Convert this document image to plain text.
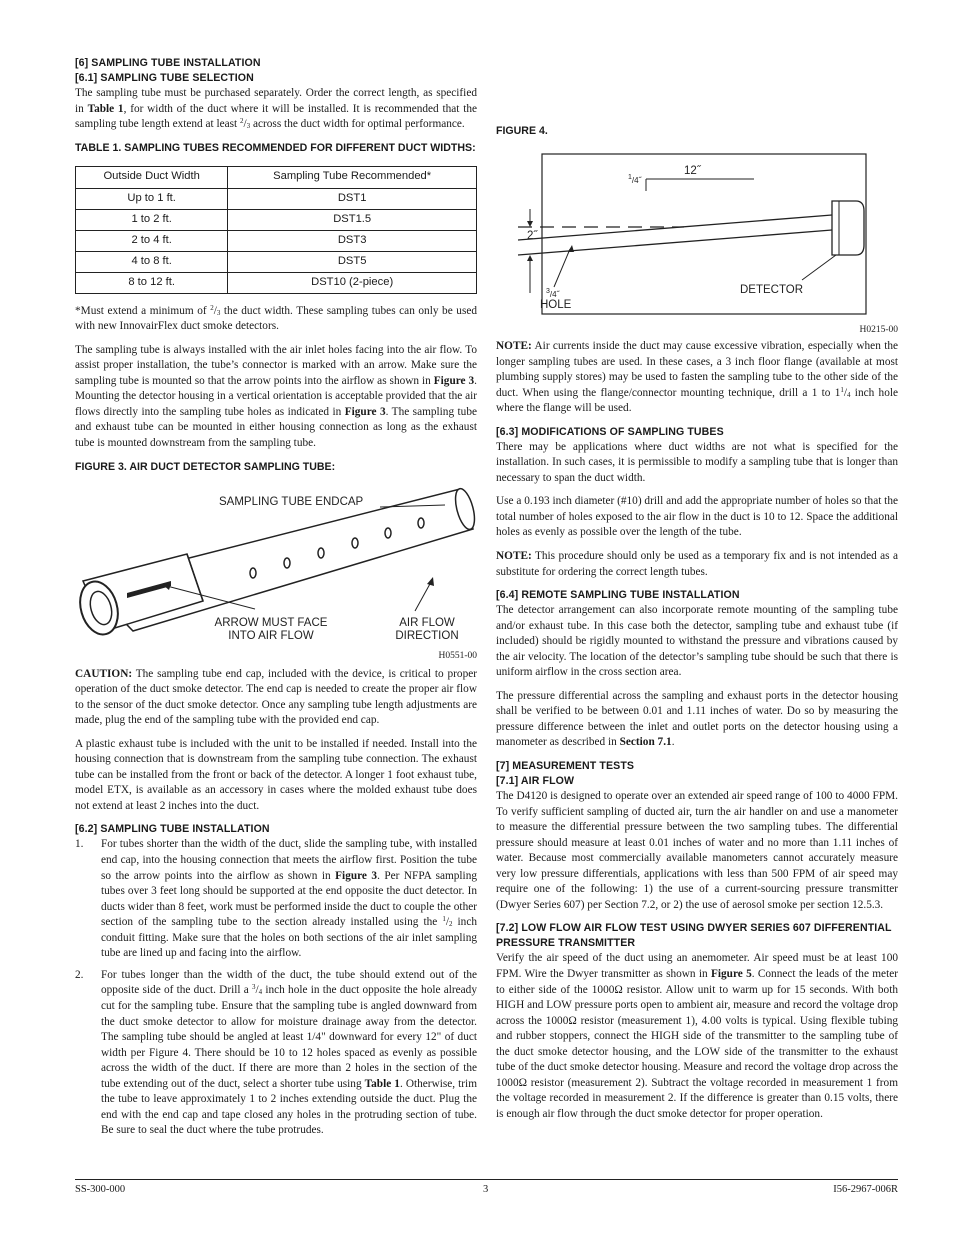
[6] SAMPLING TUBE INSTALLATION
[6.1] SAMPLING TUBE SELECTION

The sampling tube must be purchased separately. Order the correct length, as specified in Table 1, for width of the duct where it will be installed. It is recommended that the sampling tube length extend at least $^2/_3$ across the duct width for optimal performance.

TABLE 1. SAMPLING TUBES RECOMMENDED FOR DIFFERENT DUCT WIDTHS:
Outside Duct Width	Sampling Tube Recommended*
Up to 1 ft.	DST1
1 to 2 ft.	DST1.5
2 to 4 ft.	DST3
4 to 8 ft.	DST5
8 to 12 ft.	DST10 (2-piece)

*Must extend a minimum of $^2/_3$ the duct width. These sampling tubes can only be used with new InnovairFlex duct smoke detectors.

The sampling tube is always installed with the air inlet holes facing into the air flow. To assist proper installation, the tube’s connector is marked with an arrow. Make sure the sampling tube is mounted so that the arrow points into the airflow as shown in Figure 3. Mounting the detector housing in a vertical orientation is acceptable provided that the air flows directly into the sampling tube holes as indicated in Figure 3. The sampling tube and exhaust tube can be mounted in either housing connection as long as the exhaust tube is mounted downstream from the sampling tube.

FIGURE 3. AIR DUCT DETECTOR SAMPLING TUBE:
SAMPLING TUBE ENDCAP
ARROW MUST FACE INTO AIR FLOW
AIR FLOW DIRECTION
H0551-00

CAUTION: The sampling tube end cap, included with the device, is critical to proper operation of the duct smoke detector. The end cap is needed to create the proper air flow to the sensor of the duct smoke detector. Once any sampling tube length adjustments are made, plug the end of the sampling tube with the provided end cap.

A plastic exhaust tube is included with the unit to be installed if needed. Install into the housing connection that is downstream from the sampling tube connection. The exhaust tube can be installed from the front or back of the detector. A longer 1 foot exhaust tube, model ETX, is available as an accessory in cases where the molded exhaust tube does not extend at least 2 inches into the duct.

[6.2] SAMPLING TUBE INSTALLATION
1. For tubes shorter than the width of the duct, slide the sampling tube, with installed end cap, into the housing connection that meets the airflow first. Position the tube so the arrow points into the airflow as shown in Figure 3. Per NFPA sampling tubes over 3 feet long should be supported at the end opposite the duct detector. In ducts wider than 8 feet, work must be performed inside the duct to couple the other section of the sampling tube to the section already installed using the $^1/_2$ inch conduit fitting. Make sure that the holes on both sections of the air inlet sampling tube are lined up and facing into the airflow.
2. For tubes longer than the width of the duct, the tube should extend out of the opposite side of the duct. Drill a $^3/_4$ inch hole in the duct opposite the hole already cut for the sampling tube. Ensure that the sampling tube is angled downward from the duct smoke detector to allow for moisture drainage away from the detector. The sampling tube should be angled at least 1/4" downward for every 12" of duct width per Figure 4. There should be 10 to 12 holes spaced as evenly as possible across the width of the duct. If there are more than 2 holes in the section of the tube extending out of the duct, select a shorter tube using Table 1. Otherwise, trim the tube to leave approximately 1 to 2 inches extending outside the duct. Plug the end with the end cap and tape closed any holes in the protruding section of tube. Be sure to seal the duct where the tube protrudes.
FIGURE 4.
12˝
$^1$/4˝
2˝
$^3$/4˝
HOLE
DETECTOR
H0215-00

NOTE: Air currents inside the duct may cause excessive vibration, especially when the longer sampling tubes are used. In these cases, a 3 inch floor flange (available at most plumbing supply stores) may be used to fasten the sampling tube to the other side of the duct. When using the flange/connector mounting technique, drill a 1 to $1^1/_4$ inch hole where the flange will be used.

[6.3] MODIFICATIONS OF SAMPLING TUBES

There may be applications where duct widths are not what is specified for the installation. In such cases, it is permissible to modify a sampling tube that is longer than necessary to span the duct width.

Use a 0.193 inch diameter (#10) drill and add the appropriate number of holes so that the total number of holes exposed to the air flow in the duct is 10 to 12. Space the additional holes as evenly as possible over the length of the tube.

NOTE: This procedure should only be used as a temporary fix and is not intended as a substitute for ordering the correct length tubes.

[6.4] REMOTE SAMPLING TUBE INSTALLATION

The detector arrangement can also incorporate remote mounting of the sampling tube and/or exhaust tube. In this case both the detector, sampling tube and exhaust tube (if included) should be rigidly mounted to withstand the pressure and vibrations caused by the air velocity. The location of the detector’s sampling tube should be such that there is uniform airflow in the cross section area.

The pressure differential across the sampling and exhaust ports in the detector housing shall be verified to be between 0.01 and 1.11 inches of water. Do so by measuring the pressure difference between the inlet and outlet ports on the detector housing using a manometer as described in Section 7.1.

[7] MEASUREMENT TESTS
[7.1] AIR FLOW

The D4120 is designed to operate over an extended air speed range of 100 to 4000 FPM. To verify sufficient sampling of ducted air, turn the air handler on and use a manometer to measure the differential pressure between the two sampling tubes. The differential pressure should measure at least 0.01 inches of water and no more than 1.11 inches of water. Because most commercially available manometers cannot accurately measure very low pressure differentials, applications with less than 500 FPM of air speed may require one of the following: 1) the use of a current-sourcing pressure transmitter (Dwyer Series 607) per Section 7.2, or 2) the use of aerosol smoke per section 12.5.3.

[7.2] LOW FLOW AIR FLOW TEST USING DWYER SERIES 607 DIFFERENTIAL PRESSURE TRANSMITTER

Verify the air speed of the duct using an anemometer. Air speed must be at least 100 FPM. Wire the Dwyer transmitter as shown in Figure 5. Connect the leads of the meter to either side of the 1000Ω resistor. Allow unit to warm up for 15 seconds. With both HIGH and LOW pressure ports open to ambient air, measure and record the voltage drop across the 1000Ω resistor (measurement 1), 4.00 volts is typical. Using flexible tubing and rubber stoppers, connect the HIGH side of the transmitter to the sampling tube of the duct smoke detector housing, and the LOW side of the transmitter to the exhaust tube of the duct smoke detector housing. Measure and record the voltage drop across the 1000Ω resistor (measurement 2). Subtract the voltage recorded in measurement 1 from the voltage recorded in measurement 2. If the difference is greater than 0.15 volts, there is enough air flow through the duct smoke detector for proper operation.

SS-300-000	3	I56-2967-006R
